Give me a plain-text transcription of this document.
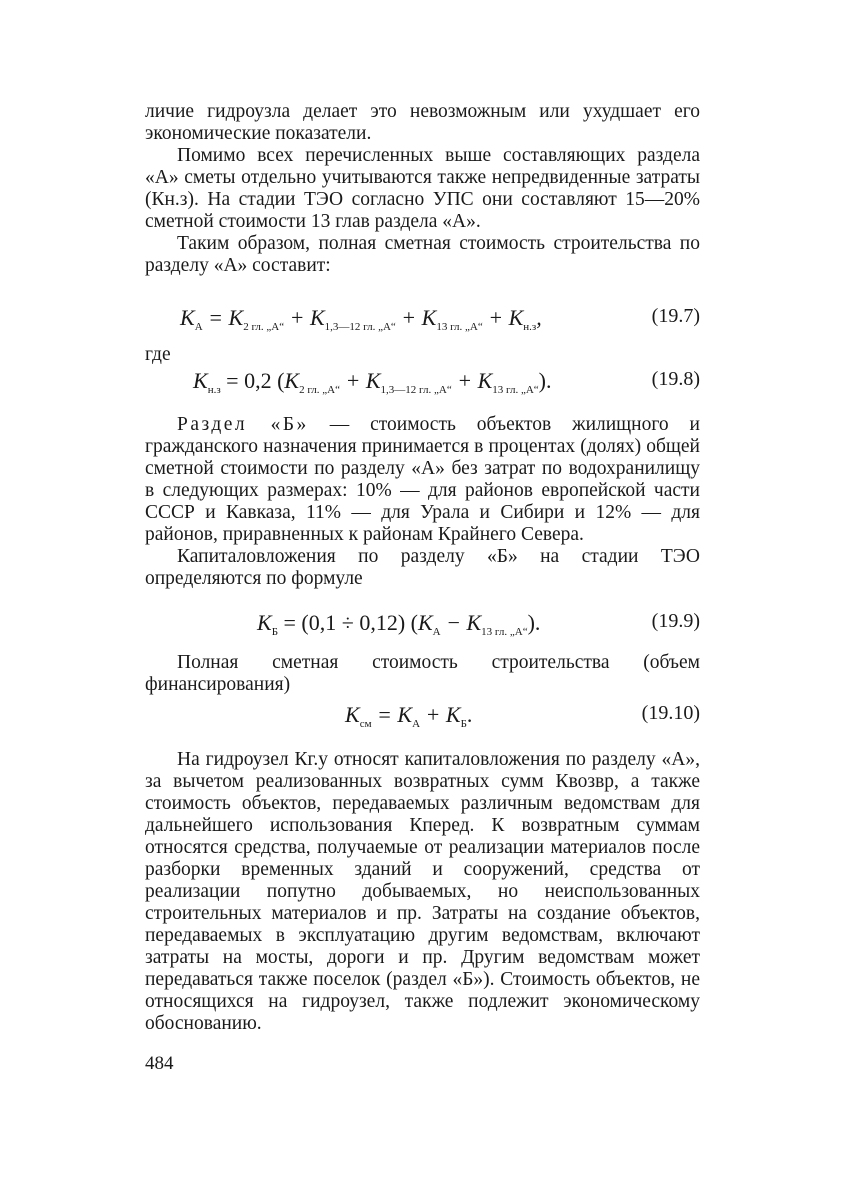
личие гидроузла делает это невозможным или ухудшает его экономические показатели.

Помимо всех перечисленных выше составляющих раздела «А» сметы отдельно учитываются также непредвиденные затраты (Кн.з). На стадии ТЭО согласно УПС они составляют 15—20% сметной стоимости 13 глав раздела «А».

Таким образом, полная сметная стоимость строительства по разделу «А» составит:

$K_А = K_{2 гл. „А“} + K_{1,3—12 гл. „А“} + K_{13 гл. „А“} + K_{н.з}$,	(19.7)
где
$K_{н.з} = 0,2$ $(K_{2 гл. „А“} + K_{1,3—12 гл. „А“} + K_{13 гл. „А“})$.	(19.8)

Раздел «Б» — стоимость объектов жилищного и гражданского назначения принимается в процентах (долях) общей сметной стоимости по разделу «А» без затрат по водохранилищу в следующих размерах: 10% — для районов европейской части СССР и Кавказа, 11% — для Урала и Сибири и 12% — для районов, приравненных к районам Крайнего Севера.

Капиталовложения по разделу «Б» на стадии ТЭО определяются по формуле

$K_Б = (0,1 \div 0,12) (K_А - K_{13 гл. „А“})$.	(19.9)

Полная сметная стоимость строительства (объем финансирования)

$K_{см} = K_А + K_Б$.	(19.10)

На гидроузел Кг.у относят капиталовложения по разделу «А», за вычетом реализованных возвратных сумм Квозвр, а также стоимость объектов, передаваемых различным ведомствам для дальнейшего использования Кперед. К возвратным суммам относятся средства, получаемые от реализации материалов после разборки временных зданий и сооружений, средства от реализации попутно добываемых, но неиспользованных строительных материалов и пр. Затраты на создание объектов, передаваемых в эксплуатацию другим ведомствам, включают затраты на мосты, дороги и пр. Другим ведомствам может передаваться также поселок (раздел «Б»). Стоимость объектов, не относящихся на гидроузел, также подлежит экономическому обоснованию.

484
